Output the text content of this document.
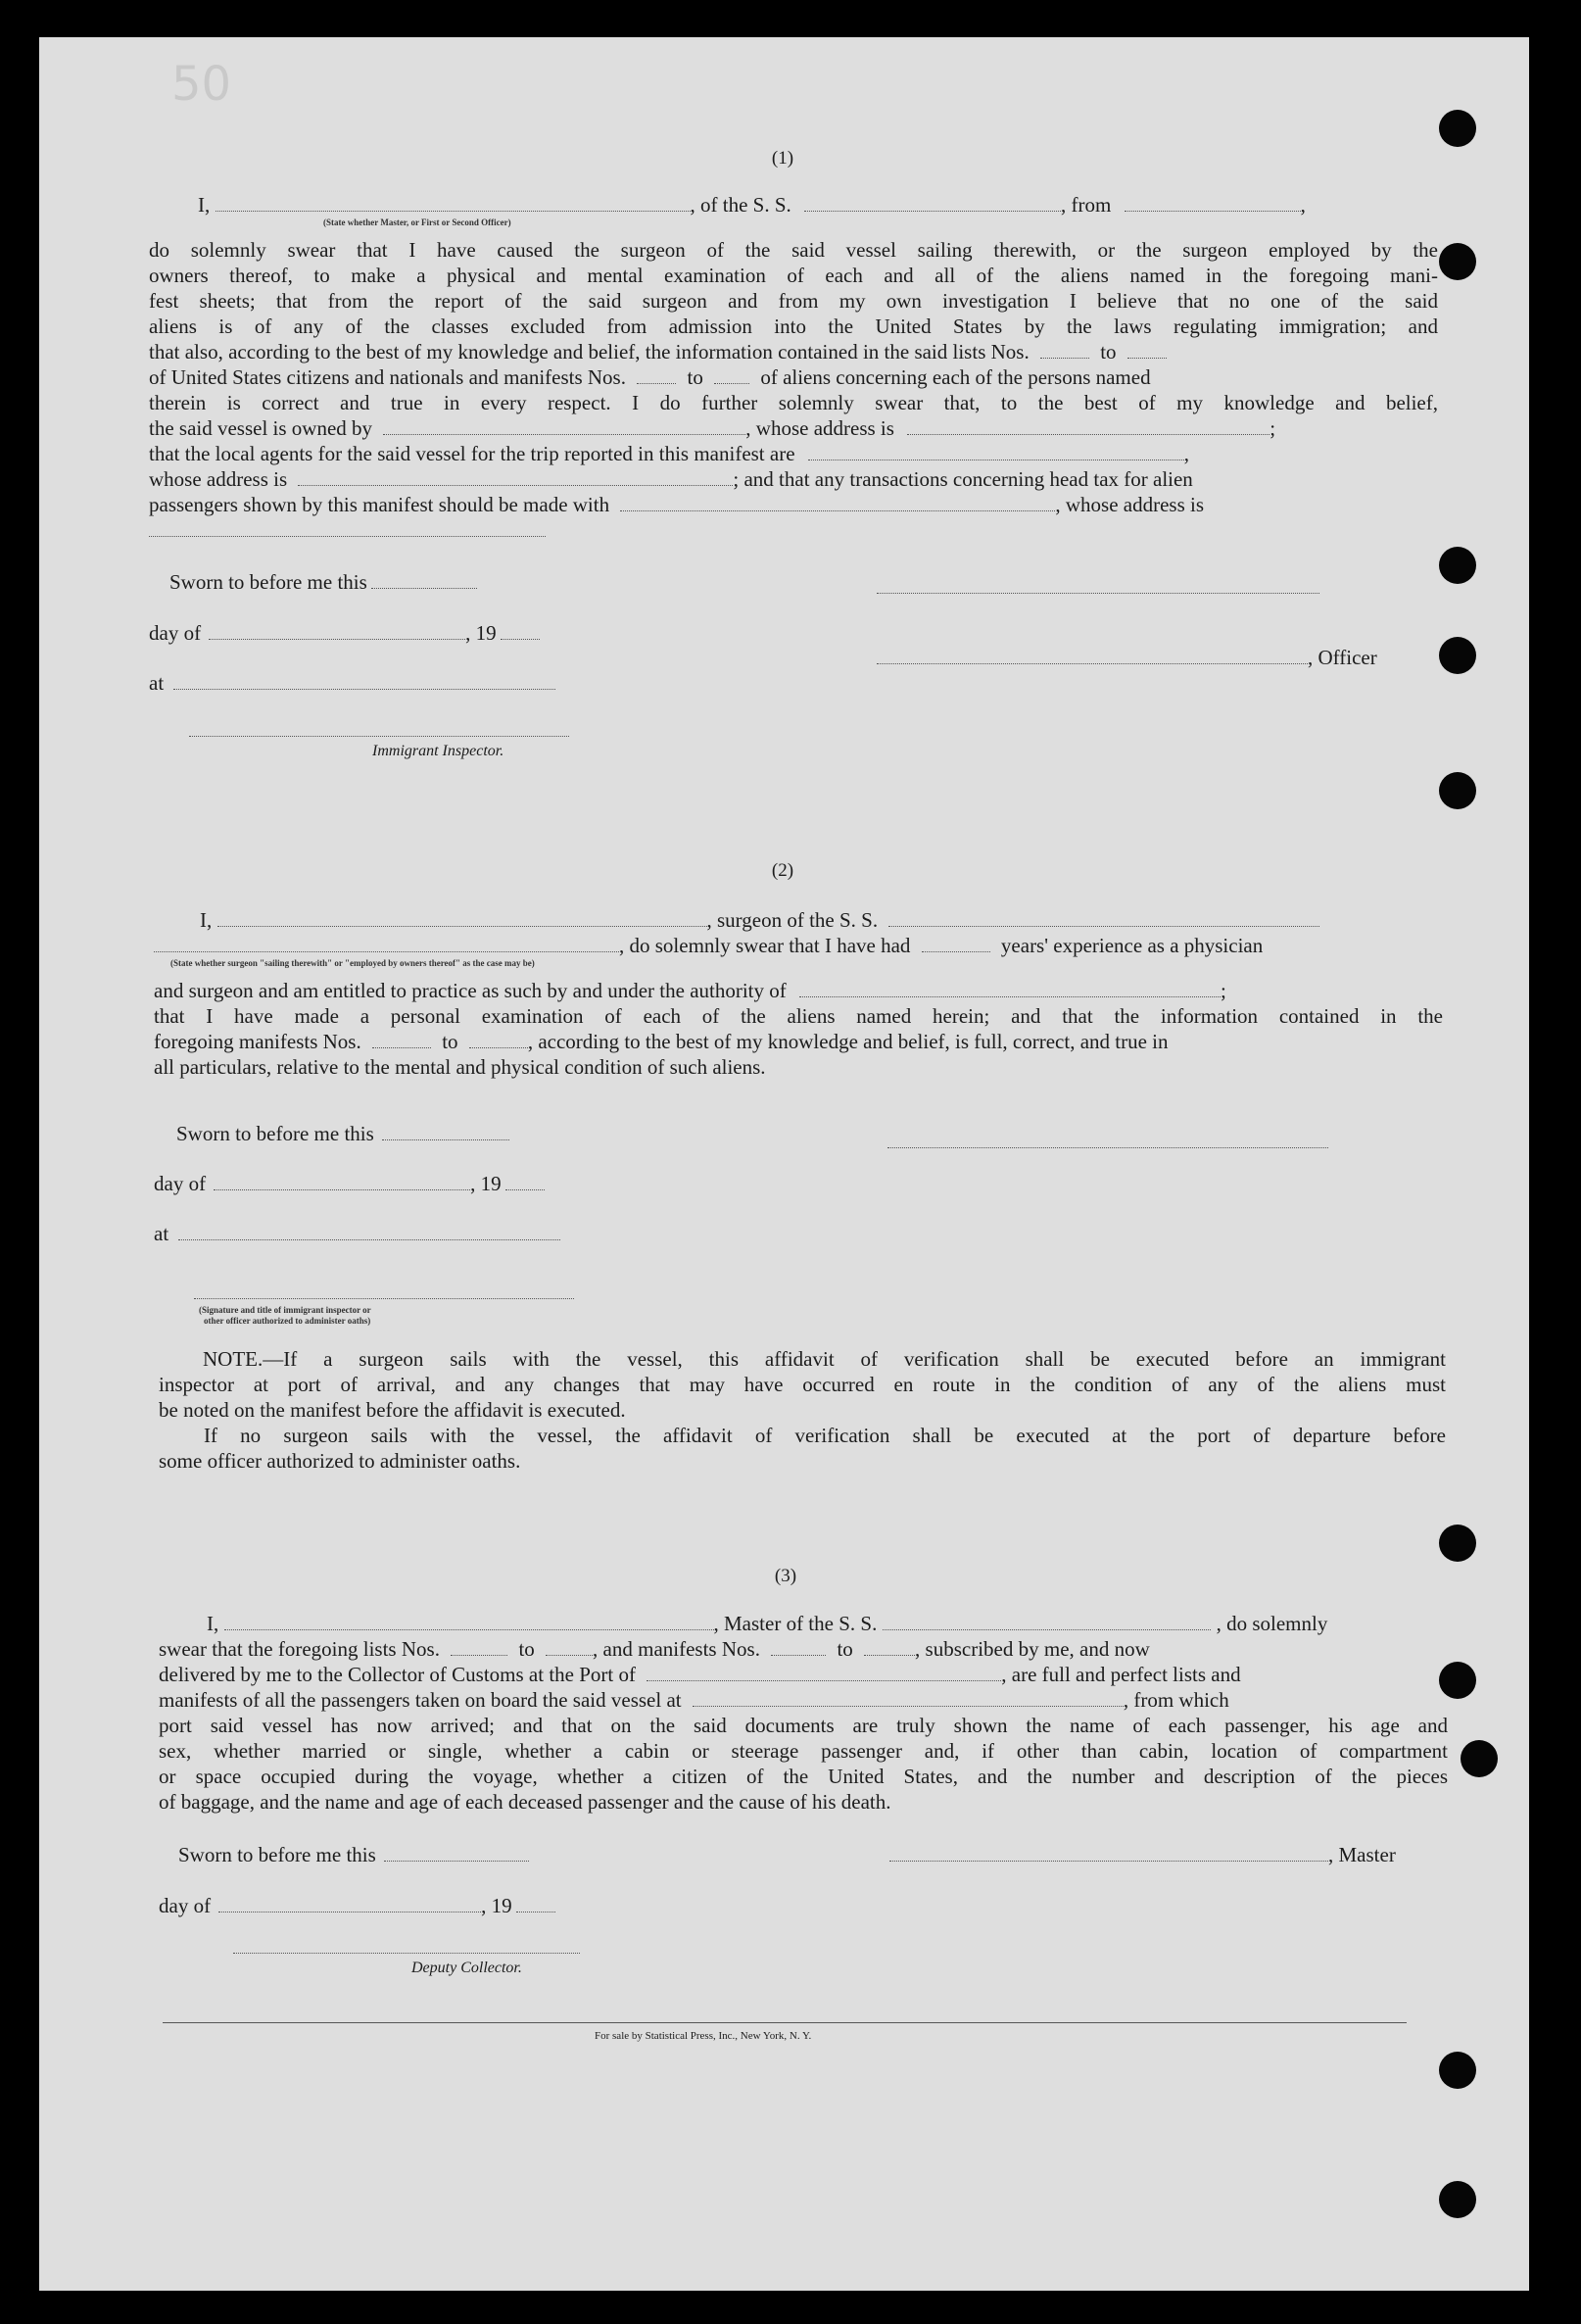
50
(1)
I,	, of the S. S.	, from	,
(State whether Master, or First or Second Officer)
do solemnly swear that I have caused the surgeon of the said vessel sailing therewith, or the surgeon employed by the
owners thereof, to make a physical and mental examination of each and all of the aliens named in the foregoing mani-
fest sheets; that from the report of the said surgeon and from my own investigation I believe that no one of the said
aliens is of any of the classes excluded from admission into the United States by the laws regulating immigration; and
that also, according to the best of my knowledge and belief, the information contained in the said lists Nos.	to
of United States citizens and nationals and manifests Nos.	to	of aliens concerning each of the persons named
therein is correct and true in every respect. I do further solemnly swear that, to the best of my knowledge and belief,
the said vessel is owned by	, whose address is	;
that the local agents for the said vessel for the trip reported in this manifest are	,
whose address is	; and that any transactions concerning head tax for alien
passengers shown by this manifest should be made with	, whose address is
Sworn to before me this
day of	, 19
, Officer
at
Immigrant Inspector.
(2)
I,	, surgeon of the S. S.
, do solemnly swear that I have had	years' experience as a physician
(State whether surgeon "sailing therewith" or "employed by owners thereof" as the case may be)
and surgeon and am entitled to practice as such by and under the authority of	;
that I have made a personal examination of each of the aliens named herein; and that the information contained in the
foregoing manifests Nos.	to	, according to the best of my knowledge and belief, is full, correct, and true in
all particulars, relative to the mental and physical condition of such aliens.
Sworn to before me this
day of	, 19
at
(Signature and title of immigrant inspector or
other officer authorized to administer oaths)
NOTE.—If a surgeon sails with the vessel, this affidavit of verification shall be executed before an immigrant
inspector at port of arrival, and any changes that may have occurred en route in the condition of any of the aliens must
be noted on the manifest before the affidavit is executed.
If no surgeon sails with the vessel, the affidavit of verification shall be executed at the port of departure before
some officer authorized to administer oaths.
(3)
I,	, Master of the S. S.	, do solemnly
swear that the foregoing lists Nos.	to	, and manifests Nos.	to	, subscribed by me, and now
delivered by me to the Collector of Customs at the Port of	, are full and perfect lists and
manifests of all the passengers taken on board the said vessel at	, from which
port said vessel has now arrived; and that on the said documents are truly shown the name of each passenger, his age and
sex, whether married or single, whether a cabin or steerage passenger and, if other than cabin, location of compartment
or space occupied during the voyage, whether a citizen of the United States, and the number and description of the pieces
of baggage, and the name and age of each deceased passenger and the cause of his death.
Sworn to before me this	, Master
day of	, 19
Deputy Collector.
For sale by Statistical Press, Inc., New York, N. Y.
